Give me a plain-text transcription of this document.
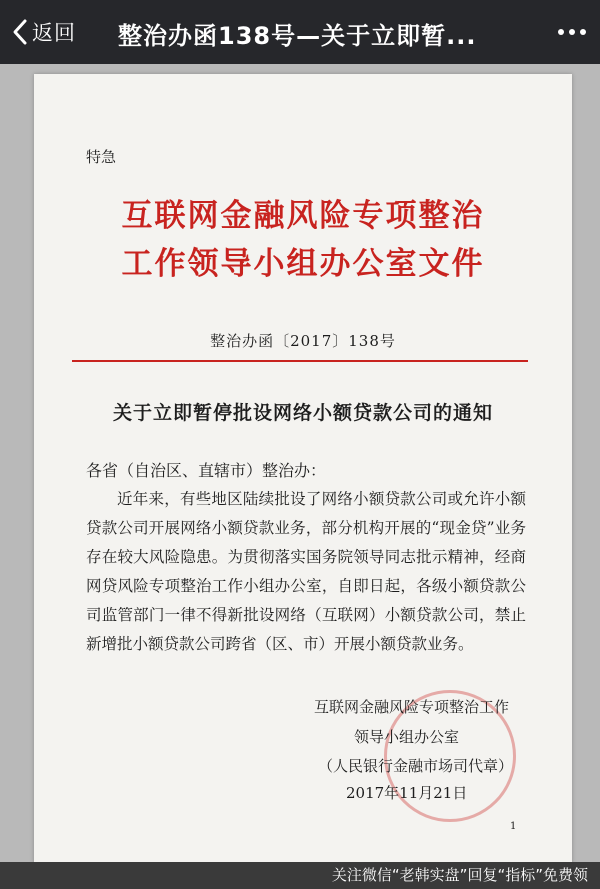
返回 整治办函138号—关于立即暂...
特急
互联网金融风险专项整治
工作领导小组办公室文件
整治办函〔2017〕138号
关于立即暂停批设网络小额贷款公司的通知
各省（自治区、直辖市）整治办：
近年来，有些地区陆续批设了网络小额贷款公司或允许小额贷款公司开展网络小额贷款业务，部分机构开展的“现金贷”业务存在较大风险隐患。为贯彻落实国务院领导同志批示精神，经商网贷风险专项整治工作小组办公室，自即日起，各级小额贷款公司监管部门一律不得新批设网络（互联网）小额贷款公司，禁止新增批小额贷款公司跨省（区、市）开展小额贷款业务。
互联网金融风险专项整治工作
领导小组办公室
（人民银行金融市场司代章）
2017年11月21日
1
关注微信“老韩实盘”回复“指标”免费领
